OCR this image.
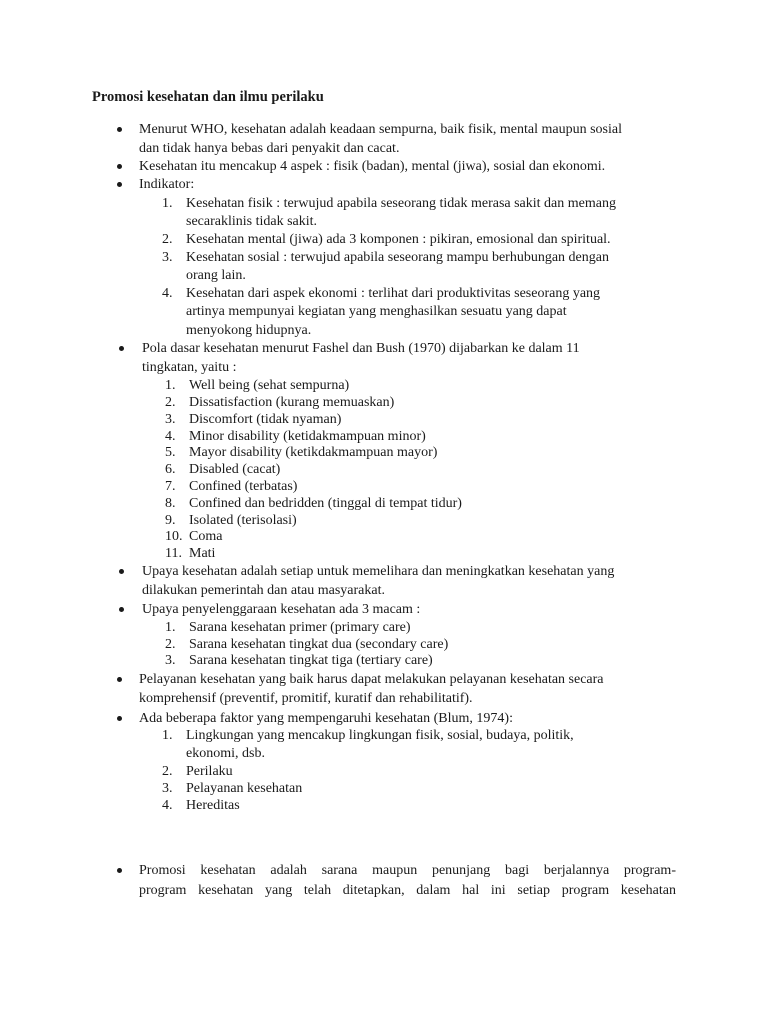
Promosi kesehatan dan ilmu perilaku
Menurut WHO, kesehatan adalah keadaan sempurna, baik fisik, mental maupun sosial
dan tidak hanya bebas dari penyakit dan cacat.
Kesehatan itu mencakup 4 aspek : fisik (badan), mental (jiwa), sosial dan ekonomi.
Indikator:
1. Kesehatan fisik : terwujud apabila seseorang tidak merasa sakit dan memang
secaraklinis tidak sakit.
2. Kesehatan mental (jiwa) ada 3 komponen : pikiran, emosional dan spiritual.
3. Kesehatan sosial : terwujud apabila seseorang mampu berhubungan dengan
orang lain.
4. Kesehatan dari aspek ekonomi : terlihat dari produktivitas seseorang yang
artinya mempunyai kegiatan yang menghasilkan sesuatu yang dapat
menyokong hidupnya.
Pola dasar kesehatan menurut Fashel dan Bush (1970) dijabarkan ke dalam 11
tingkatan, yaitu :
1. Well being (sehat sempurna)
2. Dissatisfaction (kurang memuaskan)
3. Discomfort (tidak nyaman)
4. Minor disability (ketidakmampuan minor)
5. Mayor disability (ketikdakmampuan mayor)
6. Disabled (cacat)
7. Confined (terbatas)
8. Confined dan bedridden (tinggal di tempat tidur)
9. Isolated (terisolasi)
10. Coma
11. Mati
Upaya kesehatan adalah setiap untuk memelihara dan meningkatkan kesehatan yang
dilakukan pemerintah dan atau masyarakat.
Upaya penyelenggaraan kesehatan ada 3 macam :
1. Sarana kesehatan primer (primary care)
2. Sarana kesehatan tingkat dua (secondary care)
3. Sarana kesehatan tingkat tiga (tertiary care)
Pelayanan kesehatan yang baik harus dapat melakukan pelayanan kesehatan secara
komprehensif (preventif, promitif, kuratif dan rehabilitatif).
Ada beberapa faktor yang mempengaruhi kesehatan (Blum, 1974):
1. Lingkungan yang mencakup lingkungan fisik, sosial, budaya, politik,
ekonomi, dsb.
2. Perilaku
3. Pelayanan kesehatan
4. Hereditas
Promosi kesehatan adalah sarana maupun penunjang bagi berjalannya program-
program kesehatan yang telah ditetapkan, dalam hal ini setiap program kesehatan
